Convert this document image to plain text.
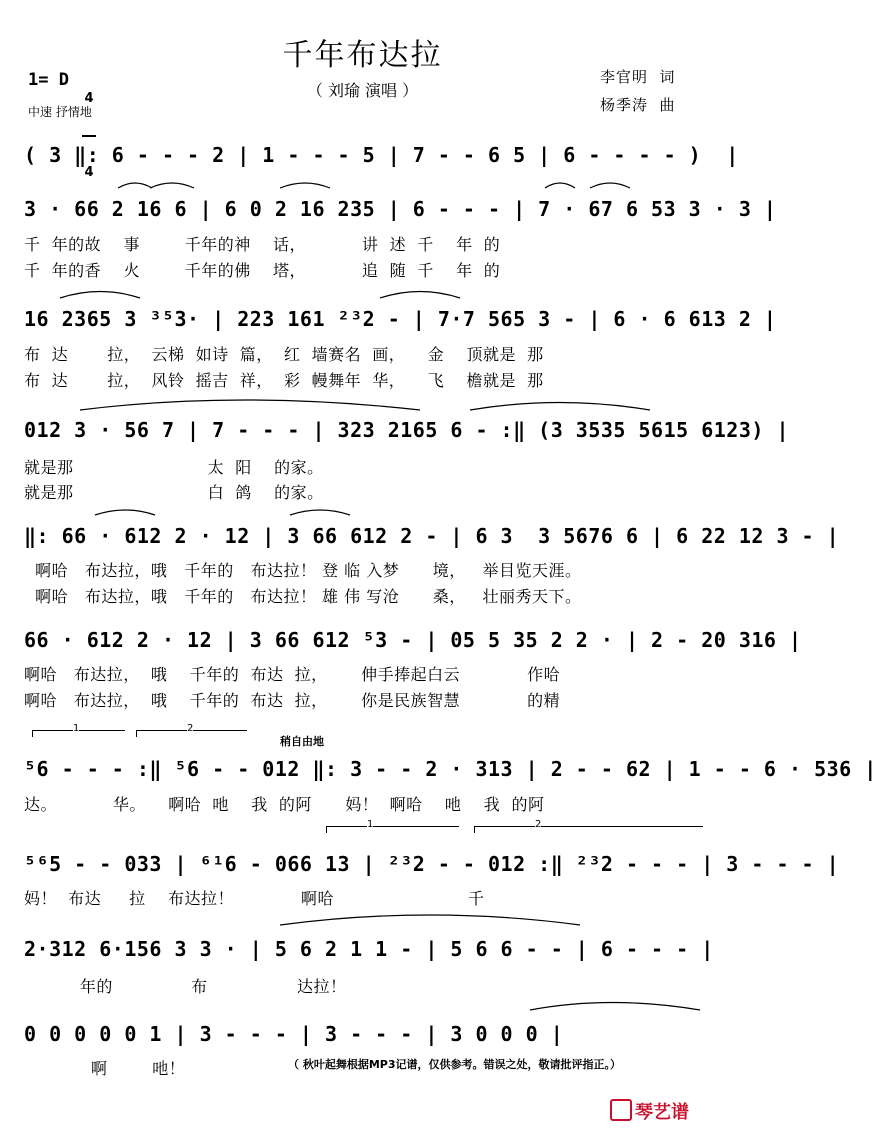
千年布达拉
（ 刘瑜 演唱 ）
1= D

4

4

中速 抒情地
李官明  词
杨季涛  曲
( 3 ‖: 6 - - - 2 | 1 - - - 5 | 7 - - 6 5 | 6 - - - - )  |
3 · 66 2 16 6 | 6 0 2 16 235 | 6 - - - | 7 · 67 6 53 3 · 3 |
千  年的故    事        千年的神    话，          讲  述  千    年  的
千  年的香    火        千年的佛    塔，          追  随  千    年  的
16 2365 3 ³⁵3· | 223 161 ²³2 - | 7·7 565 3 - | 6 · 6 613 2 |
布  达       拉，  云梯  如诗  篇，  红  墙赛名  画，    金    顶就是  那
布  达       拉，  风铃  摇吉  祥，  彩  幔舞年  华，    飞    檐就是  那
012 3 · 56 7 | 7 - - - | 323 2165 6 - :‖ (3 3535 5615 6123) |
就是那                        太  阳    的家。
就是那                        白  鸽    的家。
‖: 66 · 612 2 · 12 | 3 66 612 2 - | 6 3  3 5676 6 | 6 22 12 3 - |
啊哈   布达拉，哦   千年的   布达拉！ 登 临 入梦      境，   举目览天涯。
啊哈   布达拉，哦   千年的   布达拉！ 雄 伟 写沧      桑，   壮丽秀天下。
66 · 612 2 · 12 | 3 66 612 ⁵3 - | 05 5 35 2 2 · | 2 - 20 316 |
啊哈   布达拉，  哦    千年的  布达  拉，      伸手捧起白云            作哈
啊哈   布达拉，  哦    千年的  布达  拉，      你是民族智慧            的精

1

	2

稍自由地
⁵6 - - - :‖ ⁵6 - - 012 ‖: 3 - - 2 · 313 | 2 - - 62 | 1 - - 6 · 536 |
达。          华。    啊哈  吔    我  的阿      妈！  啊哈    吔    我  的阿

1

	2

⁵⁶5 - - 033 | ⁶¹6 - 066 13 | ²³2 - - 012 :‖ ²³2 - - - | 3 - - - |
妈！  布达     拉    布达拉！            啊哈                        千
2·312 6·156 3 3 · | 5 6 2 1 1 - | 5 6 6 - - | 6 - - - |
年的              布                达拉！
0 0 0 0 0 1 | 3 - - - | 3 - - - | 3 0 0 0 |
啊        吔！	（ 秋叶起舞根据MP3记谱，仅供参考。错误之处，敬请批评指正。）
琴艺谱
